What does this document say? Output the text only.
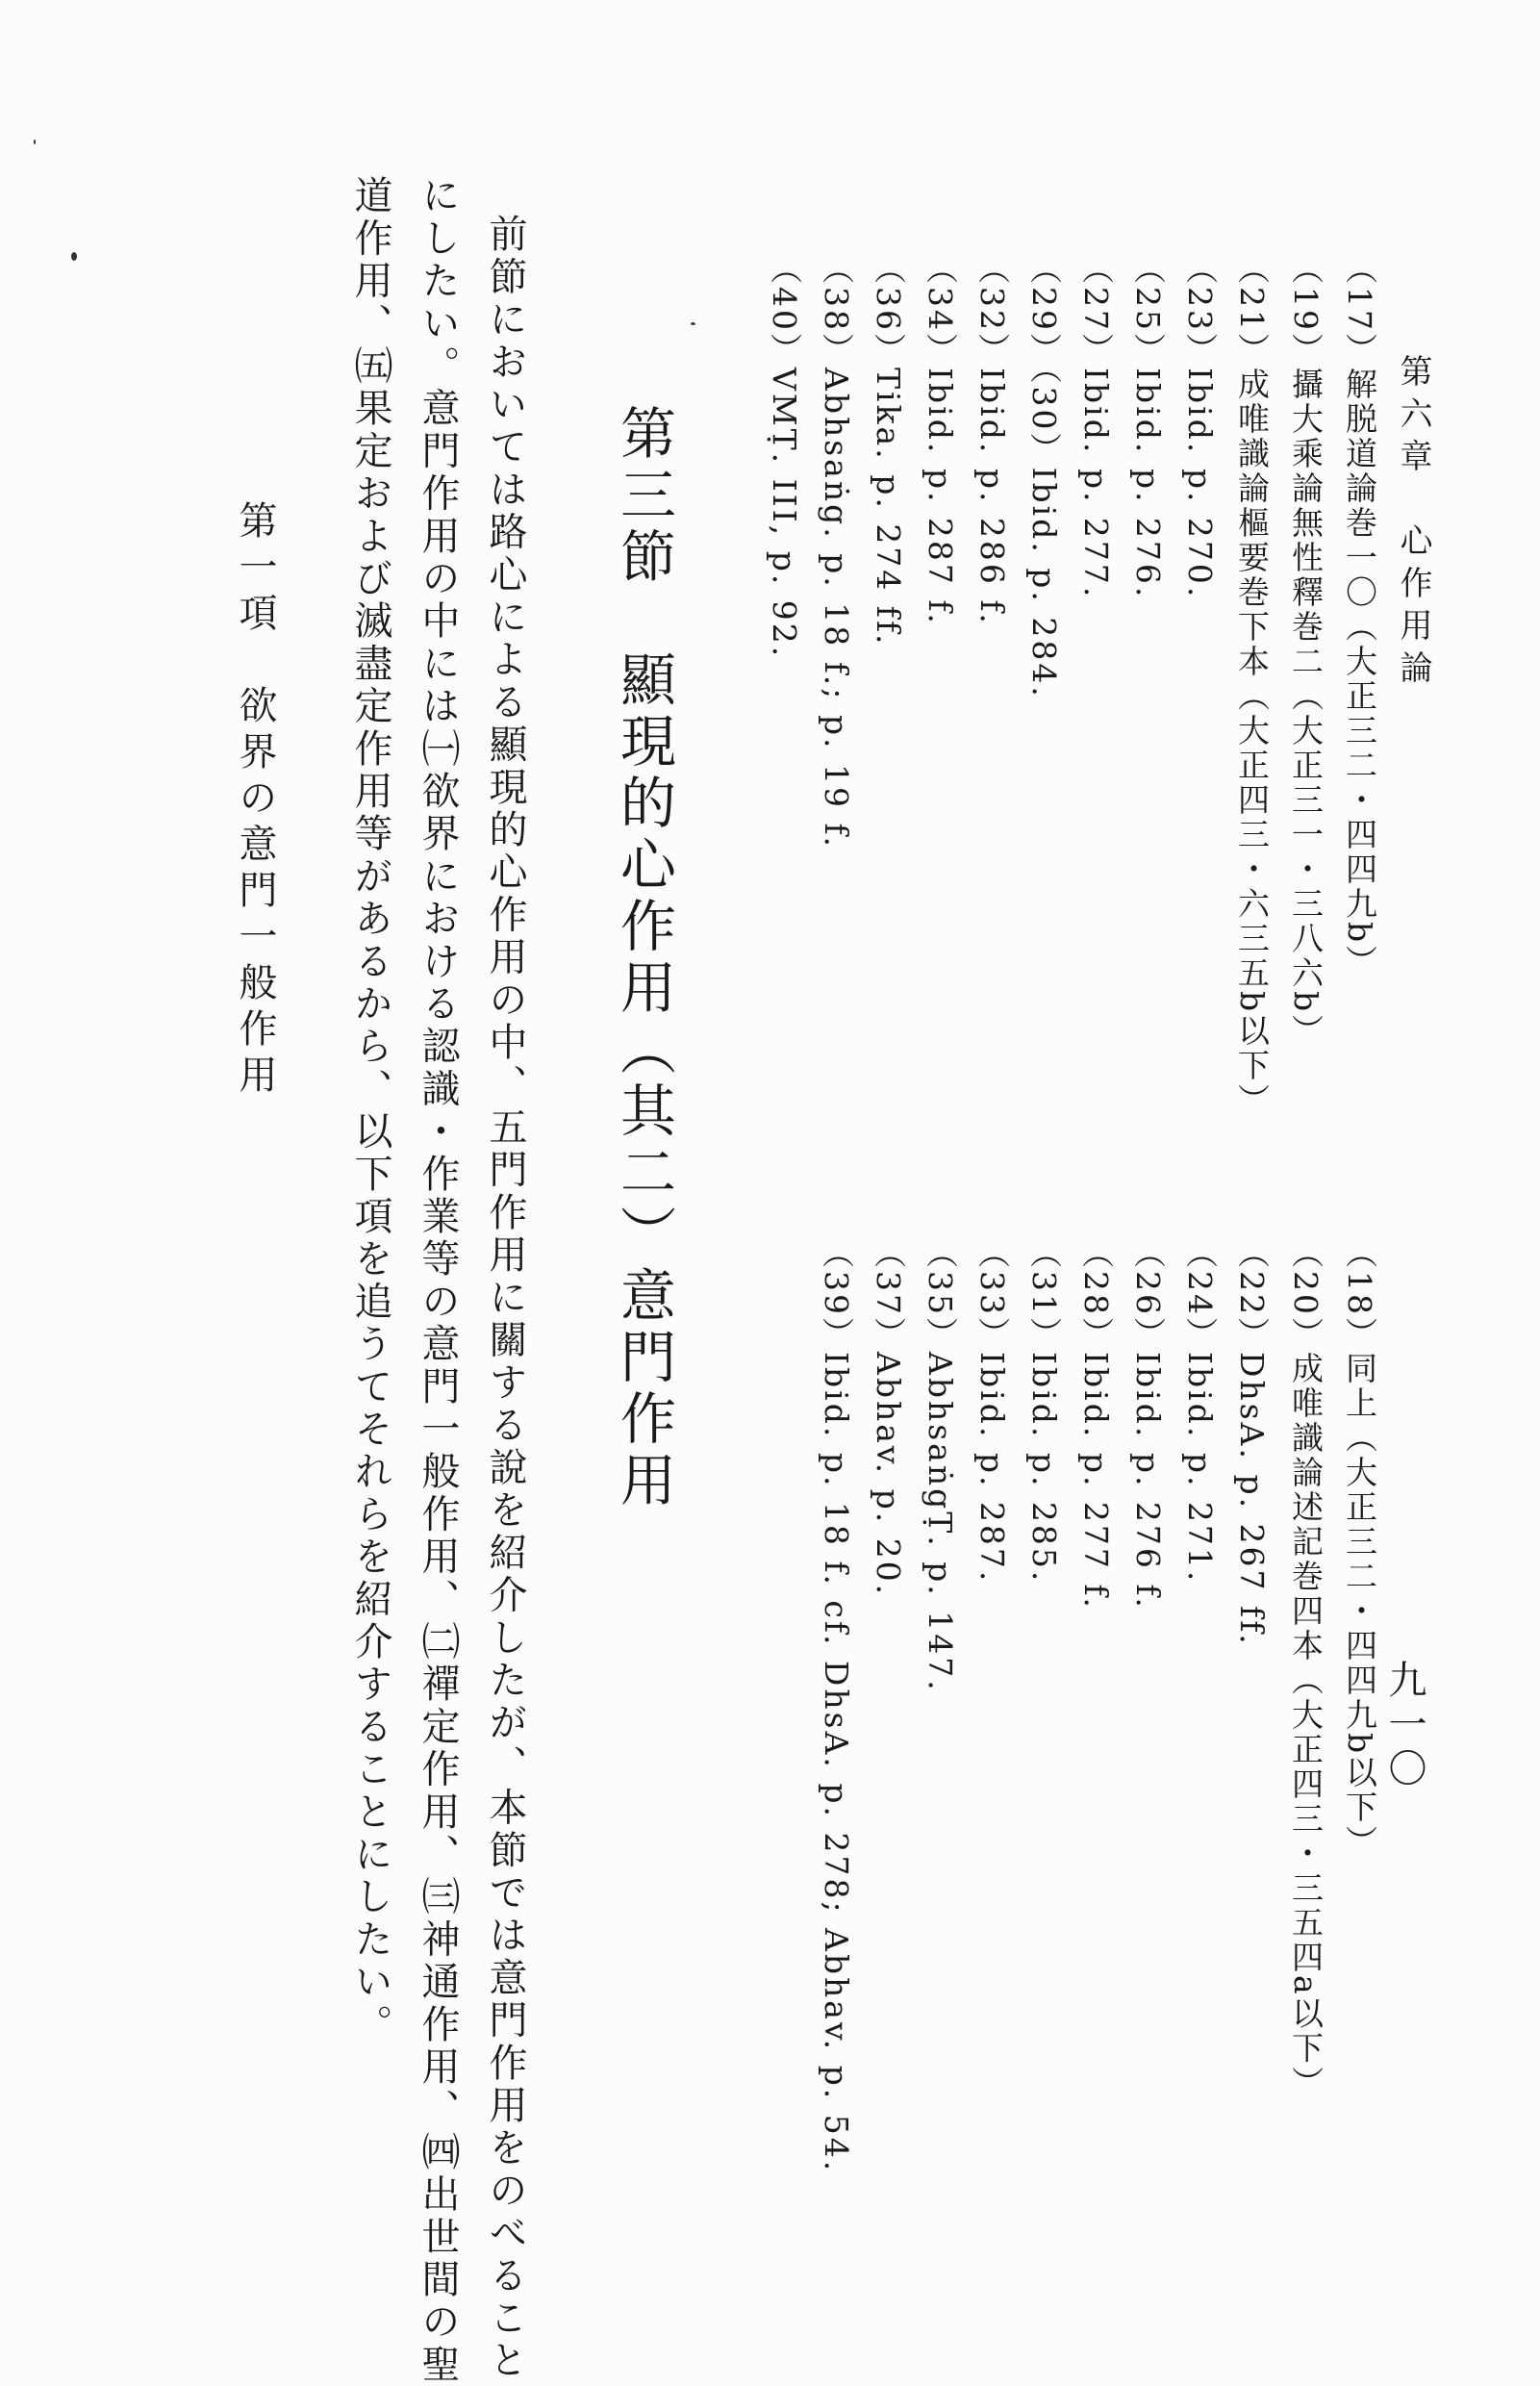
第六章　心作用論
九一〇
（17）解脱道論巻一〇（大正三二・四四九b）
（19）攝大乘論無性釋巻二（大正三一・三八六b）
（21）成唯識論樞要巻下本（大正四三・六三五b以下）
（23）Ibid. p. 270.
（25）Ibid. p. 276.
（27）Ibid. p. 277.
（29）（30）Ibid. p. 284.
（32）Ibid. p. 286 f.
（34）Ibid. p. 287 f.
（36）Tika. p. 274 ff.
（38）Abhsaṅg. p. 18 f.; p. 19 f.
（40）VMṬ. III, p. 92.
（18）同上（大正三二・四四九b以下）
（20）成唯識論述記巻四本（大正四三・三五四a以下）
（22）DhsA. p. 267 ff.
（24）Ibid. p. 271.
（26）Ibid. p. 276 f.
（28）Ibid. p. 277 f.
（31）Ibid. p. 285.
（33）Ibid. p. 287.
（35）AbhsaṅgṬ. p. 147.
（37）Abhav. p. 20.
（39）Ibid. p. 18 f. cf. DhsA. p. 278; Abhav. p. 54.
第三節　顯現的心作用（其二）意門作用
前節においては路心による顯現的心作用の中、五門作用に關する說を紹介したが、本節では意門作用をのべること
にしたい。意門作用の中には㈠欲界における認識・作業等の意門一般作用、㈡禪定作用、㈢神通作用、㈣出世間の聖
道作用、㈤果定および滅盡定作用等があるから、以下項を追うてそれらを紹介することにしたい。
第一項　欲界の意門一般作用
